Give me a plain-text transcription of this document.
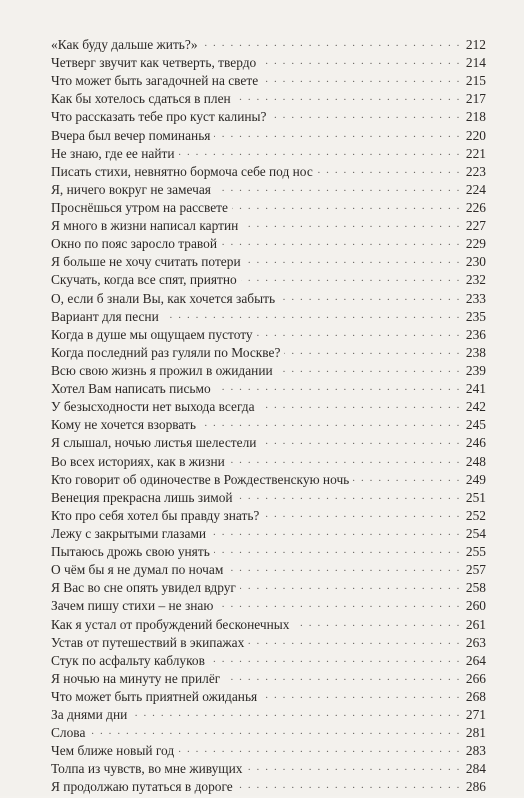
«Как буду дальше жить?» . . .	212
Четверг звучит как четверть, твердо . . .	214
Что может быть загадочней на свете . . .	215
Как бы хотелось сдаться в плен . . .	217
Что рассказать тебе про куст калины? . . .	218
Вчера был вечер поминанья . . .	220
Не знаю, где ее найти . . .	221
Писать стихи, невнятно бормоча себе под нос . . .	223
Я, ничего вокруг не замечая . . .	224
Проснёшься утром на рассвете . . .	226
Я много в жизни написал картин . . .	227
Окно по пояс заросло травой . . .	229
Я больше не хочу считать потери . . .	230
Скучать, когда все спят, приятно . . .	232
О, если б знали Вы, как хочется забыть . . .	233
Вариант для песни . . .	235
Когда в душе мы ощущаем пустоту . . .	236
Когда последний раз гуляли по Москве? . . .	238
Всю свою жизнь я прожил в ожидании . . .	239
Хотел Вам написать письмо . . .	241
У безысходности нет выхода всегда . . .	242
Кому не хочется взорвать . . .	245
Я слышал, ночью листья шелестели . . .	246
Во всех историях, как в жизни . . .	248
Кто говорит об одиночестве в Рождественскую ночь . . .	249
Венеция прекрасна лишь зимой . . .	251
Кто про себя хотел бы правду знать? . . .	252
Лежу с закрытыми глазами . . .	254
Пытаюсь дрожь свою унять . . .	255
О чём бы я не думал по ночам . . .	257
Я Вас во сне опять увидел вдруг . . .	258
Зачем пишу стихи – не знаю . . .	260
Как я устал от пробуждений бесконечных . . .	261
Устав от путешествий в экипажах . . .	263
Стук по асфальту каблуков . . .	264
Я ночью на минуту не прилёг . . .	266
Что может быть приятней ожиданья . . .	268
За днями дни . . .	271
Слова . . .	281
Чем ближе новый год . . .	283
Толпа из чувств, во мне живущих . . .	284
Я продолжаю путаться в дороге . . .	286
